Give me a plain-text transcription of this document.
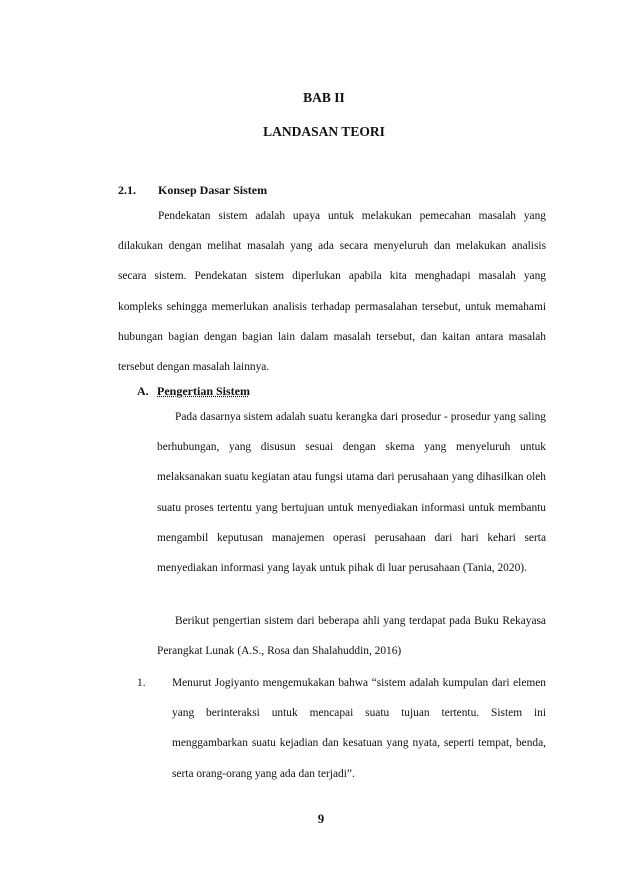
BAB II
LANDASAN TEORI
2.1. Konsep Dasar Sistem

Pendekatan sistem adalah upaya untuk melakukan pemecahan masalah yang dilakukan dengan melihat masalah yang ada secara menyeluruh dan melakukan analisis secara sistem. Pendekatan sistem diperlukan apabila kita menghadapi masalah yang kompleks sehingga memerlukan analisis terhadap permasalahan tersebut, untuk memahami hubungan bagian dengan bagian lain dalam masalah tersebut, dan kaitan antara masalah tersebut dengan masalah lainnya.

A. Pengertian Sistem

Pada dasarnya sistem adalah suatu kerangka dari prosedur - prosedur yang saling berhubungan, yang disusun sesuai dengan skema yang menyeluruh untuk melaksanakan suatu kegiatan atau fungsi utama dari perusahaan yang dihasilkan oleh suatu proses tertentu yang bertujuan untuk menyediakan informasi untuk membantu mengambil keputusan manajemen operasi perusahaan dari hari kehari serta menyediakan informasi yang layak untuk pihak di luar perusahaan (Tania, 2020).

Berikut pengertian sistem dari beberapa ahli yang terdapat pada Buku Rekayasa Perangkat Lunak (A.S., Rosa dan Shalahuddin, 2016)

1.	Menurut Jogiyanto mengemukakan bahwa “sistem adalah kumpulan dari elemen yang berinteraksi untuk mencapai suatu tujuan tertentu. Sistem ini menggambarkan suatu kejadian dan kesatuan yang nyata, seperti tempat, benda, serta orang-orang yang ada dan terjadi”.
9
